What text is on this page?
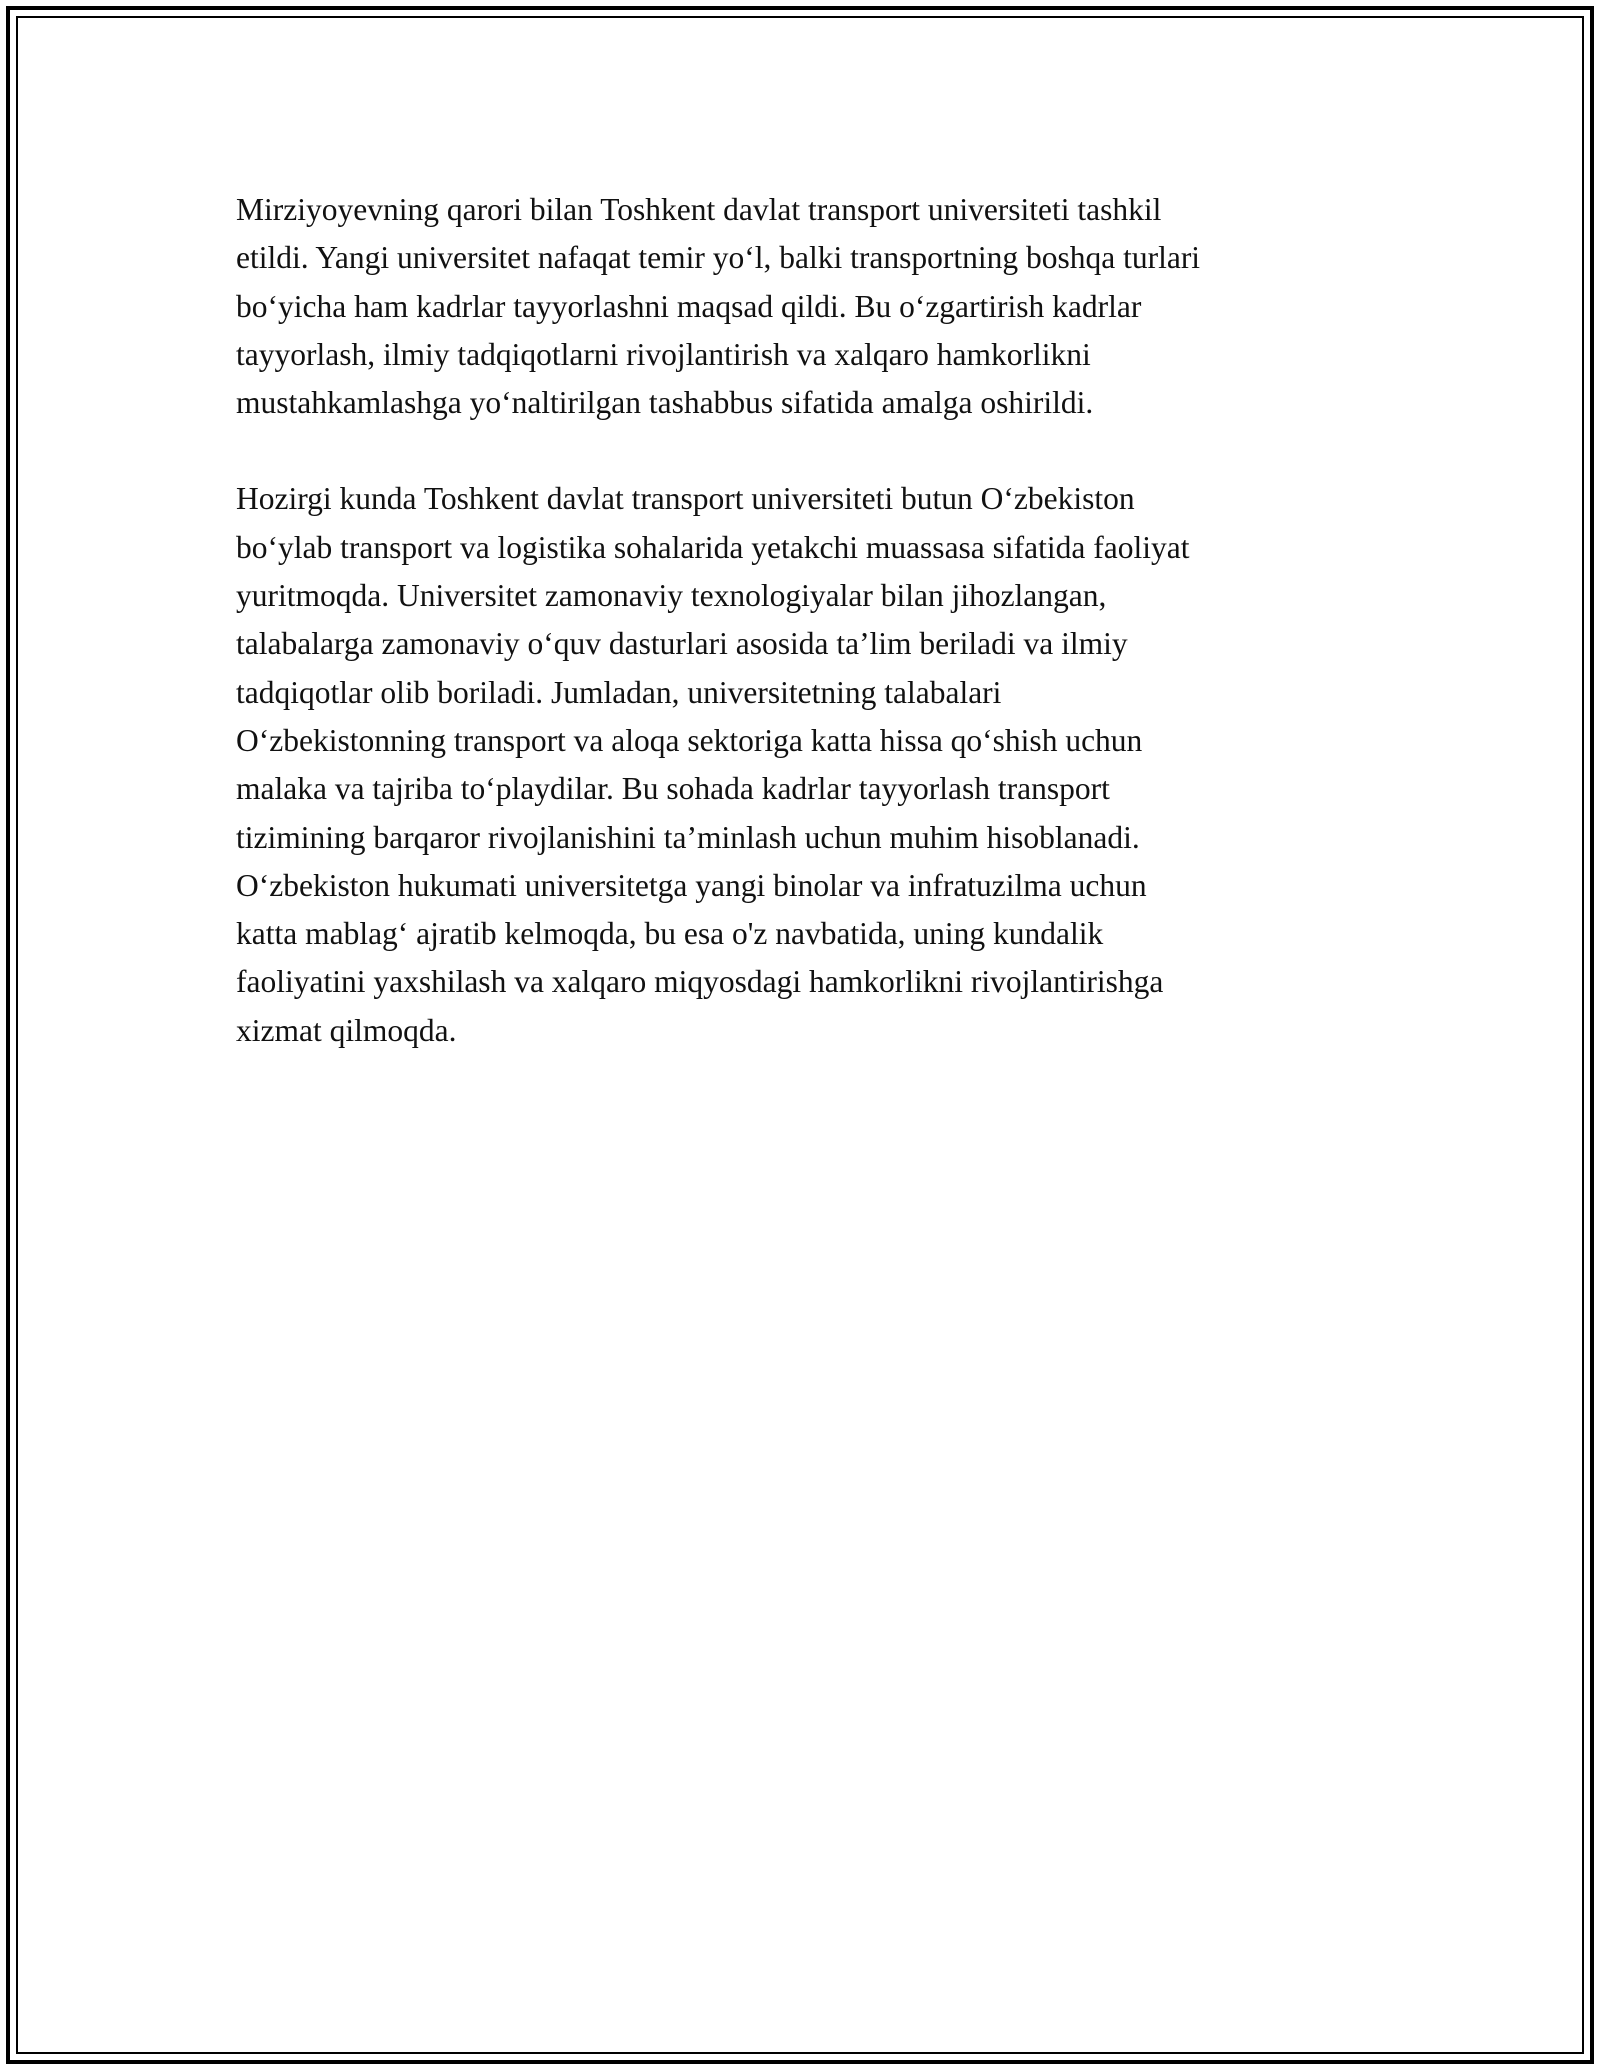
Mirziyoyevning qarori bilan Toshkent davlat transport universiteti tashkil
etildi. Yangi universitet nafaqat temir yo‘l, balki transportning boshqa turlari
bo‘yicha ham kadrlar tayyorlashni maqsad qildi. Bu o‘zgartirish kadrlar
tayyorlash, ilmiy tadqiqotlarni rivojlantirish va xalqaro hamkorlikni
mustahkamlashga yo‘naltirilgan tashabbus sifatida amalga oshirildi.

Hozirgi kunda Toshkent davlat transport universiteti butun O‘zbekiston
bo‘ylab transport va logistika sohalarida yetakchi muassasa sifatida faoliyat
yuritmoqda. Universitet zamonaviy texnologiyalar bilan jihozlangan,
talabalarga zamonaviy o‘quv dasturlari asosida ta’lim beriladi va ilmiy
tadqiqotlar olib boriladi. Jumladan, universitetning talabalari
O‘zbekistonning transport va aloqa sektoriga katta hissa qo‘shish uchun
malaka va tajriba to‘playdilar. Bu sohada kadrlar tayyorlash transport
tizimining barqaror rivojlanishini ta’minlash uchun muhim hisoblanadi.
O‘zbekiston hukumati universitetga yangi binolar va infratuzilma uchun
katta mablag‘ ajratib kelmoqda, bu esa o'z navbatida, uning kundalik
faoliyatini yaxshilash va xalqaro miqyosdagi hamkorlikni rivojlantirishga
xizmat qilmoqda.
